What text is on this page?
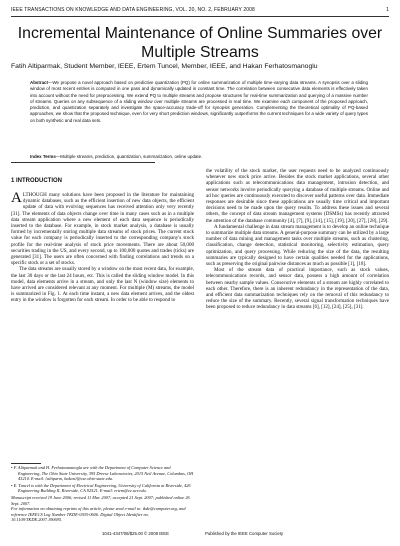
IEEE TRANSACTIONS ON KNOWLEDGE AND DATA ENGINEERING, VOL. 20, NO. 2, FEBRUARY 2008	1
Incremental Maintenance of Online Summaries over Multiple Streams
Fatih Altiparmak, Student Member, IEEE, Ertem Tuncel, Member, IEEE, and Hakan Ferhatosmanoglu
Abstract—We propose a novel approach based on predictive quantization (PQ) for online summarization of multiple time-varying data streams. A synopsis over a sliding window of most recent entries is computed in one pass and dynamically updated in constant time. The correlation between consecutive data elements is effectively taken into account without the need for preprocessing. We extend PQ to multiple streams and propose structures for real-time summarization and querying of a massive number of streams. Queries on any subsequence of a sliding window over multiple streams are processed in real time. We examine each component of the proposed approach, prediction, and quantization separately and investigate the space-accuracy trade-off for synopsis generation. Complementing the theoretical optimality of PQ-based approaches, we show that the proposed technique, even for very short prediction windows, significantly outperforms the current techniques for a wide variety of query types on both synthetic and real data sets.
Index Terms—Multiple streams, prediction, quantization, summarization, online update.
1 INTRODUCTION

ALTHOUGH many solutions have been proposed in the literature for maintaining dynamic databases, such as the efficient insertion of new data objects, the efficient update of data with evolving sequences has received attention only very recently [31]. The elements of data objects change over time in many cases such as in a multiple data stream application where a new element of each data sequence is periodically inserted to the database. For example, in stock market analysis, a database is usually formed by incrementally storing multiple data streams of stock prices. The current stock value for each company is periodically inserted to the corresponding company's stock profile for the real-time analysis of stock price movements. There are about 50,000 securities trading in the US, and every second, up to 100,000 quotes and trades (ticks) are generated [31]. The users are often concerned with finding correlations and trends on a specific stock or a set of stocks.

The data streams are usually stored by a window on the most recent data, for example, the last 30 days or the last 24 hours, etc. This is called the sliding window model. In this model, data elements arrive in a stream, and only the last N (window size) elements to have arrived are considered relevant at any moment. For multiple (M) streams, the model is summarized in Fig. 1. At each time instant, a new data element arrives, and the oldest entry in the window is forgotten for each stream. In order to be able to respond to

the volatility of the stock market, the user requests need to be analyzed continuously whenever new stock price arrive. Besides the stock market applications, several other applications such as telecommunications data management, intrusion detection, and sensor networks involve periodically querying a database of multiple streams. Online and ad hoc queries are continuously executed to discover useful patterns over data. Immediate responses are desirable since these applications are usually time critical and important decisions need to be made upon the query results. To address these issues and several others, the concept of data stream management systems (DSMSs) has recently attracted the attention of the database community [4], [7], [9], [14], [15], [19], [20], [27], [28], [29].

A fundamental challenge in data stream management is to develop an online technique to summarize multiple data streams. A general-purpose summary can be utilized by a large number of data mining and management tasks over multiple streams, such as clustering, classification, change detection, statistical monitoring, selectivity estimation, query optimization, and query processing. While reducing the size of the data, the resulting summaries are typically designed to have certain qualities needed for the applications, such as preserving the original pairwise distances as much as possible [1], [18].

Most of the stream data of practical importance, such as stock values, telecommunications records, and sensor data, possess a high amount of correlation between nearby sample values. Consecutive elements of a stream are highly correlated to each other. Therefore, there is an inherent redundancy in the representation of the data, and efficient data summarization techniques rely on the removal of this redundancy to reduce the size of the summary. Recently, several signal transformation techniques have been proposed to reduce redundancy in data streams [6], [12], [24], [25], [31].

• F. Altiparmak and H. Ferhatosmanoglu are with the Department of Computer Science and Engineering, The Ohio State University, 395 Dreese Laboratories, 2015 Neil Avenue, Columbus, OH 43210. E-mail: {altiparm, hakan}@cse.ohio-state.edu.
• E. Tuncel is with the Department of Electrical Engineering, University of California at Riverside, 426 Engineering Building II, Riverside, CA 92521. E-mail: ertem@ee.ucr.edu.
Manuscript received 19 June 2006; revised 11 Mar. 2007; accepted 21 Sept. 2007; published online 26 Sept. 2007.
For information on obtaining reprints of this article, please send e-mail to: tkde@computer.org, and reference IEEECS Log Number TKDE-0305-0606. Digital Object Identifier no. 10.1109/TKDE.2007.190695.
1041-4347/08/$25.00 © 2008 IEEE	Published by the IEEE Computer Society
